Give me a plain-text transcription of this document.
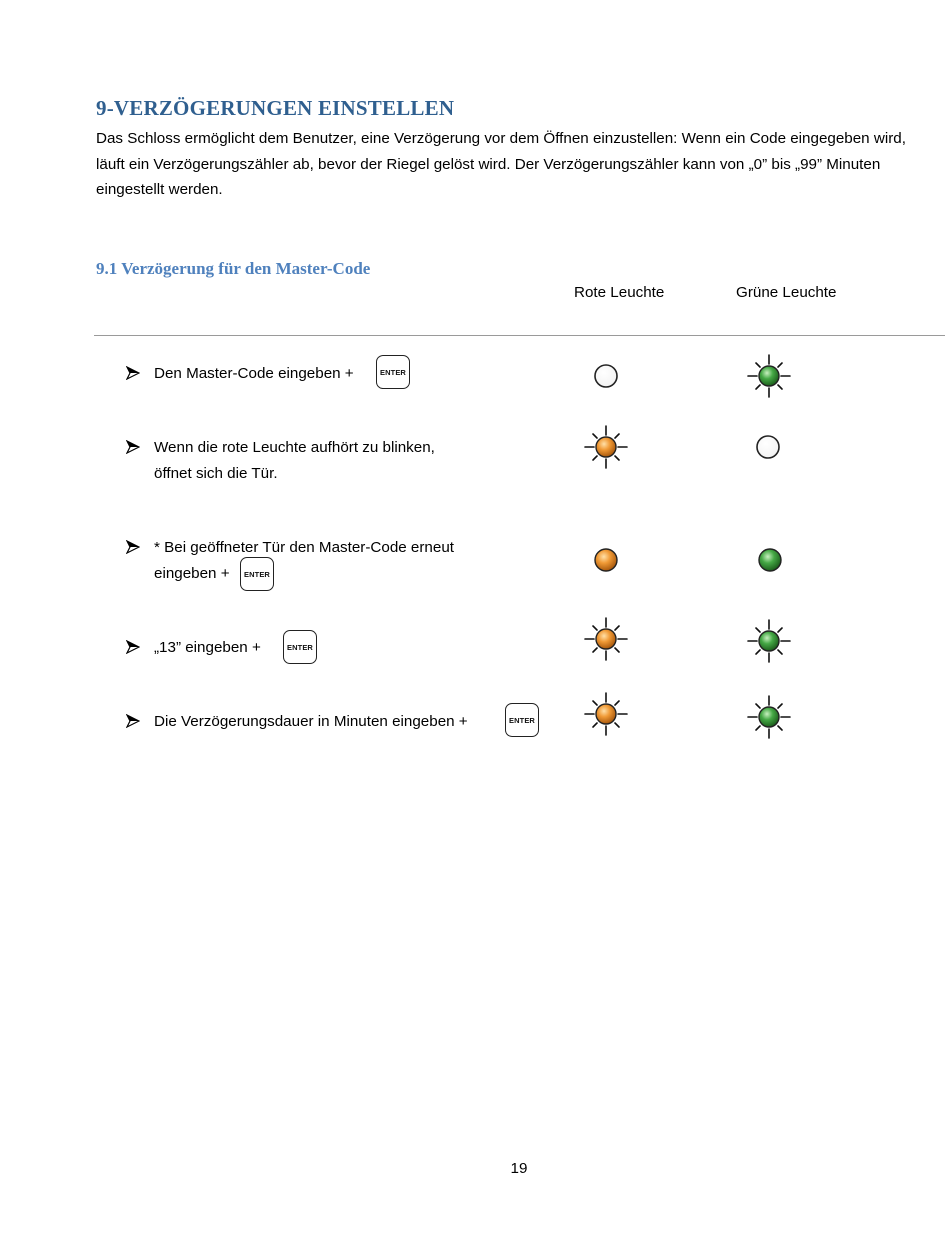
9-VERZÖGERUNGEN EINSTELLEN

Das Schloss ermöglicht dem Benutzer, eine Verzögerung vor dem Öffnen einzustellen: Wenn ein Code eingegeben wird, läuft ein Verzögerungszähler ab, bevor der Riegel gelöst wird. Der Verzögerungszähler kann von „0” bis „99” Minuten eingestellt werden.

9.1 Verzögerung für den Master-Code
Rote Leuchte	Grüne Leuchte
Den Master-Code eingeben +	ENTER
Wenn die rote Leuchte aufhört zu blinken,
öffnet sich die Tür.
* Bei geöffneter Tür den Master-Code erneut
eingeben +	ENTER
„13” eingeben +	ENTER
Die Verzögerungsdauer in Minuten eingeben +	ENTER
19
